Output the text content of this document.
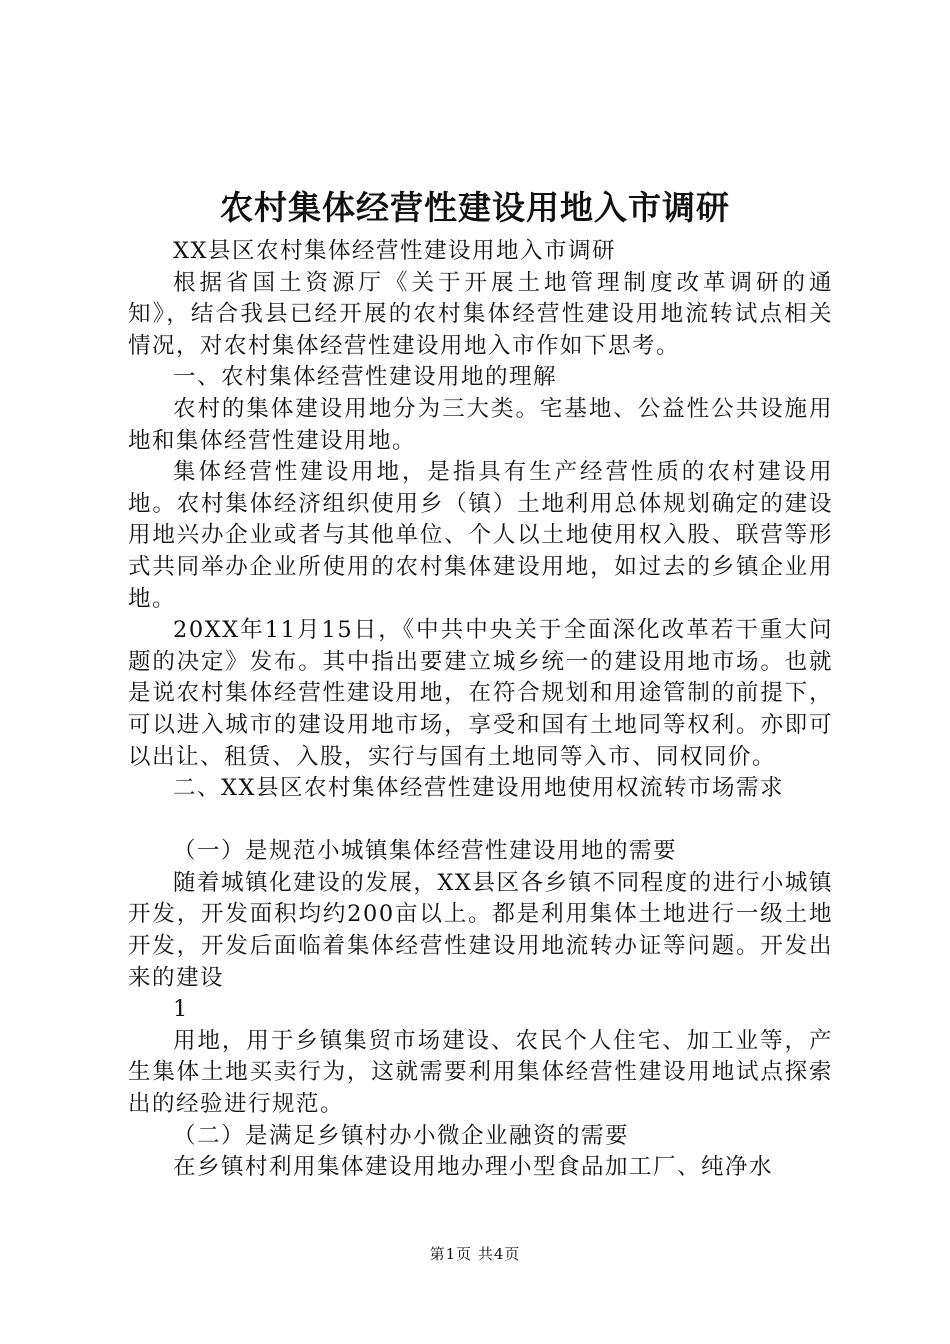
农村集体经营性建设用地入市调研

XX县区农村集体经营性建设用地入市调研

根据省国土资源厅《关于开展土地管理制度改革调研的通知》，结合我县已经开展的农村集体经营性建设用地流转试点相关情况，对农村集体经营性建设用地入市作如下思考。

一、农村集体经营性建设用地的理解

农村的集体建设用地分为三大类。宅基地、公益性公共设施用地和集体经营性建设用地。

集体经营性建设用地，是指具有生产经营性质的农村建设用地。农村集体经济组织使用乡（镇）土地利用总体规划确定的建设用地兴办企业或者与其他单位、个人以土地使用权入股、联营等形式共同举办企业所使用的农村集体建设用地，如过去的乡镇企业用地。

20XX年11月15日，《中共中央关于全面深化改革若干重大问题的决定》发布。其中指出要建立城乡统一的建设用地市场。也就是说农村集体经营性建设用地，在符合规划和用途管制的前提下，可以进入城市的建设用地市场，享受和国有土地同等权利。亦即可以出让、租赁、入股，实行与国有土地同等入市、同权同价。

二、XX县区农村集体经营性建设用地使用权流转市场需求

（一）是规范小城镇集体经营性建设用地的需要

随着城镇化建设的发展，XX县区各乡镇不同程度的进行小城镇开发，开发面积均约200亩以上。都是利用集体土地进行一级土地开发，开发后面临着集体经营性建设用地流转办证等问题。开发出来的建设

1

用地，用于乡镇集贸市场建设、农民个人住宅、加工业等，产生集体土地买卖行为，这就需要利用集体经营性建设用地试点探索出的经验进行规范。

（二）是满足乡镇村办小微企业融资的需要

在乡镇村利用集体建设用地办理小型食品加工厂、纯净水

第1页 共4页
